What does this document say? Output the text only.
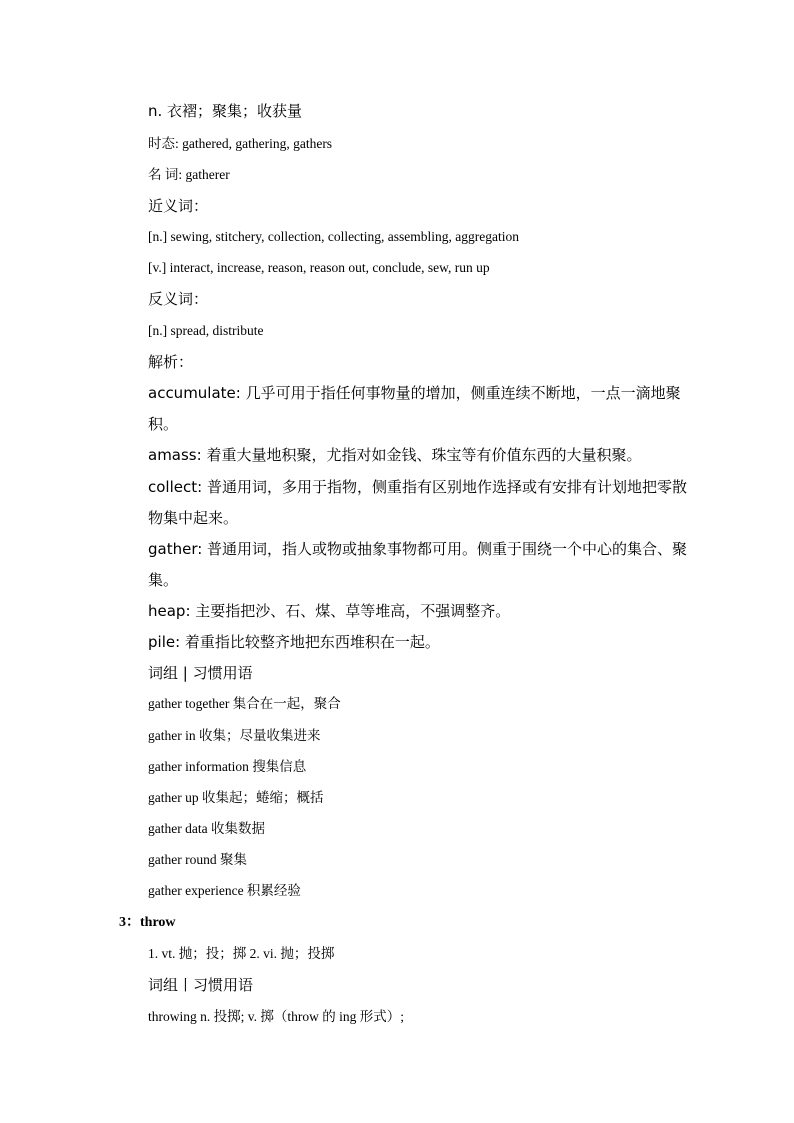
n. 衣褶；聚集；收获量
时态: gathered, gathering, gathers
名 词: gatherer
近义词：
[n.] sewing, stitchery, collection, collecting, assembling, aggregation
[v.] interact, increase, reason, reason out, conclude, sew, run up
反义词：
[n.] spread, distribute
解析：
accumulate: 几乎可用于指任何事物量的增加，侧重连续不断地，一点一滴地聚积。
amass: 着重大量地积聚，尤指对如金钱、珠宝等有价值东西的大量积聚。
collect: 普通用词，多用于指物，侧重指有区别地作选择或有安排有计划地把零散物集中起来。
gather: 普通用词，指人或物或抽象事物都可用。侧重于围绕一个中心的集合、聚集。
heap: 主要指把沙、石、煤、草等堆高，不强调整齐。
pile: 着重指比较整齐地把东西堆积在一起。
词组 | 习惯用语
gather together 集合在一起，聚合
gather in 收集；尽量收集进来
gather information 搜集信息
gather up 收集起；蜷缩；概括
gather data 收集数据
gather round 聚集
gather experience 积累经验
3：throw
1. vt. 抛；投；掷 2. vi. 抛；投掷
词组丨习惯用语
throwing n. 投掷; v. 掷（throw 的 ing 形式）;
